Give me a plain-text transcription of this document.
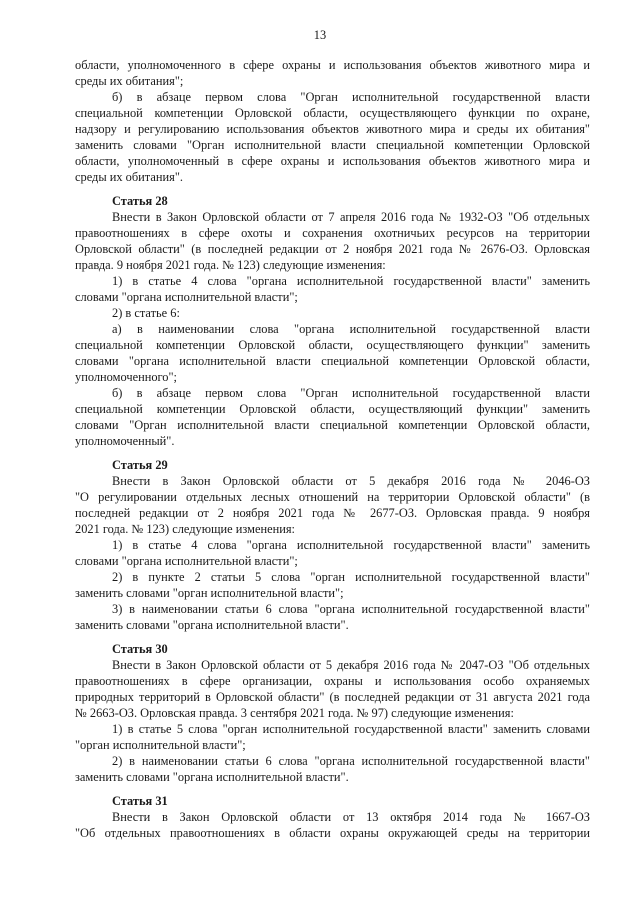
13
области, уполномоченного в сфере охраны и использования объектов животного мира и
среды их обитания";
б) в абзаце первом слова "Орган исполнительной государственной власти
специальной компетенции Орловской области, осуществляющего функции по охране,
надзору и регулированию использования объектов животного мира и среды их обитания"
заменить словами "Орган исполнительной власти специальной компетенции Орловской
области, уполномоченный в сфере охраны и использования объектов животного мира и
среды их обитания".
Статья 28
Внести в Закон Орловской области от 7 апреля 2016 года № 1932-ОЗ "Об отдельных
правоотношениях в сфере охоты и сохранения охотничьих ресурсов на территории
Орловской области" (в последней редакции от 2 ноября 2021 года № 2676-ОЗ. Орловская
правда. 9 ноября 2021 года. № 123) следующие изменения:
1) в статье 4 слова "органа исполнительной государственной власти" заменить
словами "органа исполнительной власти";
2) в статье 6:
а) в наименовании слова "органа исполнительной государственной власти
специальной компетенции Орловской области, осуществляющего функции" заменить
словами "органа исполнительной власти специальной компетенции Орловской области,
уполномоченного";
б) в абзаце первом слова "Орган исполнительной государственной власти
специальной компетенции Орловской области, осуществляющий функции" заменить
словами "Орган исполнительной власти специальной компетенции Орловской области,
уполномоченный".
Статья 29
Внести в Закон Орловской области от 5 декабря 2016 года № 2046-ОЗ
"О регулировании отдельных лесных отношений на территории Орловской области" (в
последней редакции от 2 ноября 2021 года № 2677-ОЗ. Орловская правда. 9 ноября
2021 года. № 123) следующие изменения:
1) в статье 4 слова "органа исполнительной государственной власти" заменить
словами "органа исполнительной власти";
2) в пункте 2 статьи 5 слова "орган исполнительной государственной власти"
заменить словами "орган исполнительной власти";
3) в наименовании статьи 6 слова "органа исполнительной государственной власти"
заменить словами "органа исполнительной власти".
Статья 30
Внести в Закон Орловской области от 5 декабря 2016 года № 2047-ОЗ "Об отдельных
правоотношениях в сфере организации, охраны и использования особо охраняемых
природных территорий в Орловской области" (в последней редакции от 31 августа 2021 года
№ 2663-ОЗ. Орловская правда. 3 сентября 2021 года. № 97) следующие изменения:
1) в статье 5 слова "орган исполнительной государственной власти" заменить словами
"орган исполнительной власти";
2) в наименовании статьи 6 слова "органа исполнительной государственной власти"
заменить словами "органа исполнительной власти".
Статья 31
Внести в Закон Орловской области от 13 октября 2014 года № 1667-ОЗ
"Об отдельных правоотношениях в области охраны окружающей среды на территории
